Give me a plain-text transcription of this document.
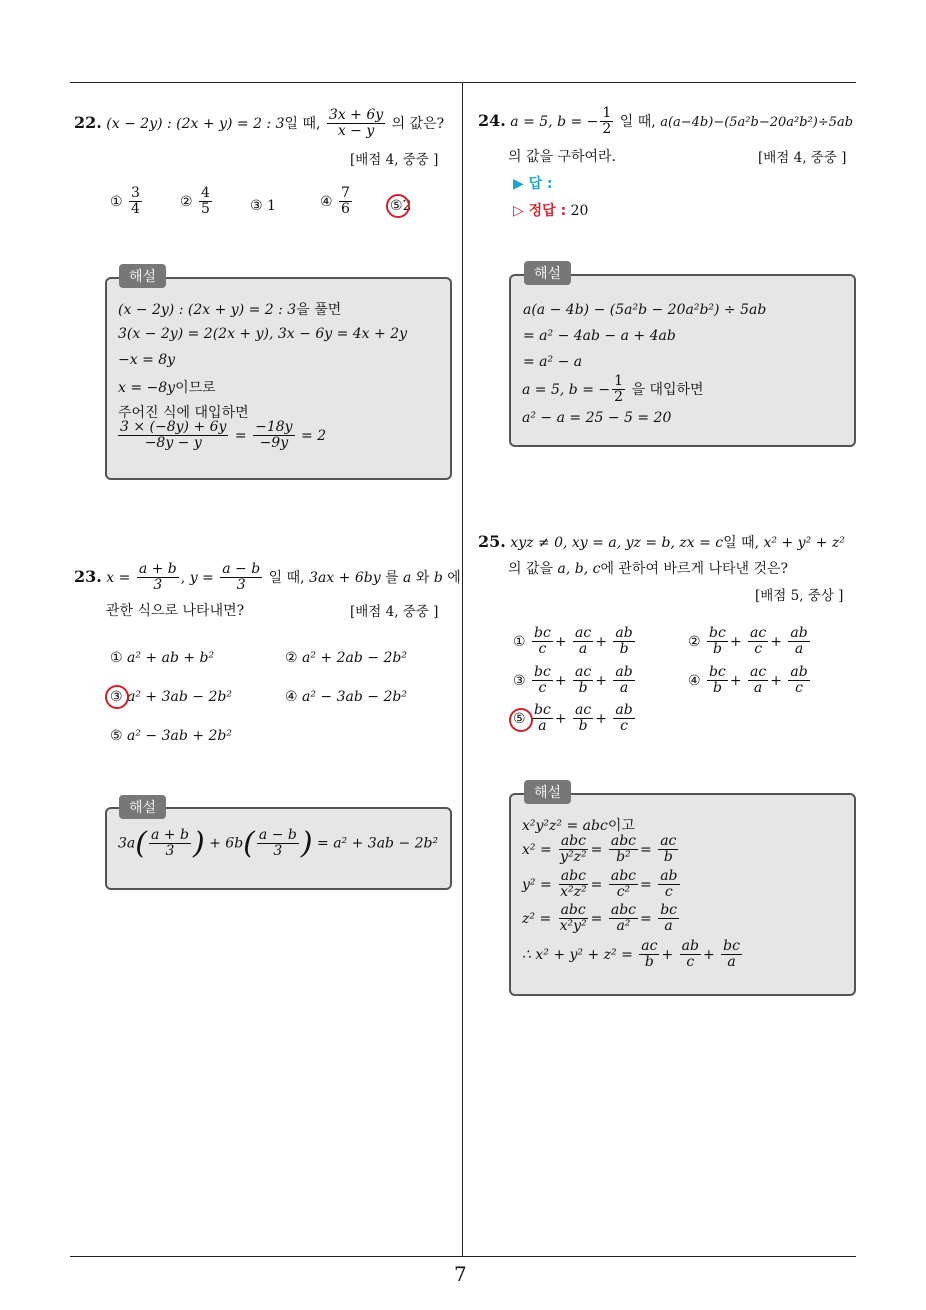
7
22. (x − 2y) : (2x + y) = 2 : 3일 때, $\frac{3x + 6y}{x - y}$ 의 값은?
[배점 4, 중중 ]
① $\frac{3}{4}$	② $\frac{4}{5}$	③ 1	④ $\frac{7}{6}$	⑤2
해설
(x − 2y) : (2x + y) = 2 : 3을 풀면
3(x − 2y) = 2(2x + y), 3x − 6y = 4x + 2y
−x = 8y
x = −8y이므로
주어진 식에 대입하면
$\frac{3 \times (-8y) + 6y}{-8y - y} = \frac{-18y}{-9y} = 2$
23. $x = \frac{a + b}{3}$ , $y = \frac{a - b}{3}$ 일 때, 3ax + 6by 를 a 와 b 에
관한 식으로 나타내면?	[배점 4, 중중 ]
① a² + ab + b²	② a² + 2ab − 2b²
③ a² + 3ab − 2b²	④ a² − 3ab − 2b²
⑤ a² − 3ab + 2b²
해설
$3a( \frac{a + b}{3}$ ) + $6b( \frac{a - b}{3}$ ) = a² + 3ab − 2b²
24. a = 5, b = − $\frac{1}{2}$ 일 때, a(a−4b)−(5a²b−20a²b²)÷5ab
의 값을 구하여라.	[배점 4, 중중 ]
▶ 답 :
▷ 정답 : 20
해설
a(a − 4b) − (5a²b − 20a²b²) ÷ 5ab
= a² − 4ab − a + 4ab
= a² − a
a = 5, b = − $\frac{1}{2}$ 을 대입하면
a² − a = 25 − 5 = 20
25. xyz ≠ 0, xy = a, yz = b, zx = c일 때, x² + y² + z²
의 값을 a, b, c에 관하여 바르게 나타낸 것은?
[배점 5, 중상 ]
① $\frac{bc}{c} + \frac{ac}{a} + \frac{ab}{b}$	② $\frac{bc}{b} + \frac{ac}{c} + \frac{ab}{a}$
③ $\frac{bc}{c} + \frac{ac}{b} + \frac{ab}{a}$	④ $\frac{bc}{b} + \frac{ac}{a} + \frac{ab}{c}$
⑤ $\frac{bc}{a} + \frac{ac}{b} + \frac{ab}{c}$
해설
x²y²z² = abc이고
$x^2 = \frac{\text{abc}}{\text{y²z²}} = \frac{\text{abc}}{\text{b²}} = \frac{ac}{b}$
$y^2 = \frac{\text{abc}}{\text{x²z²}} = \frac{\text{abc}}{\text{c²}} = \frac{ab}{c}$
$z^2 = \frac{\text{abc}}{\text{x²y²}} = \frac{\text{abc}}{\text{a²}} = \frac{bc}{a}$
∴ $x^2 + y^2 + z^2 = \frac{ac}{b} + \frac{ab}{c} + \frac{bc}{a}$
